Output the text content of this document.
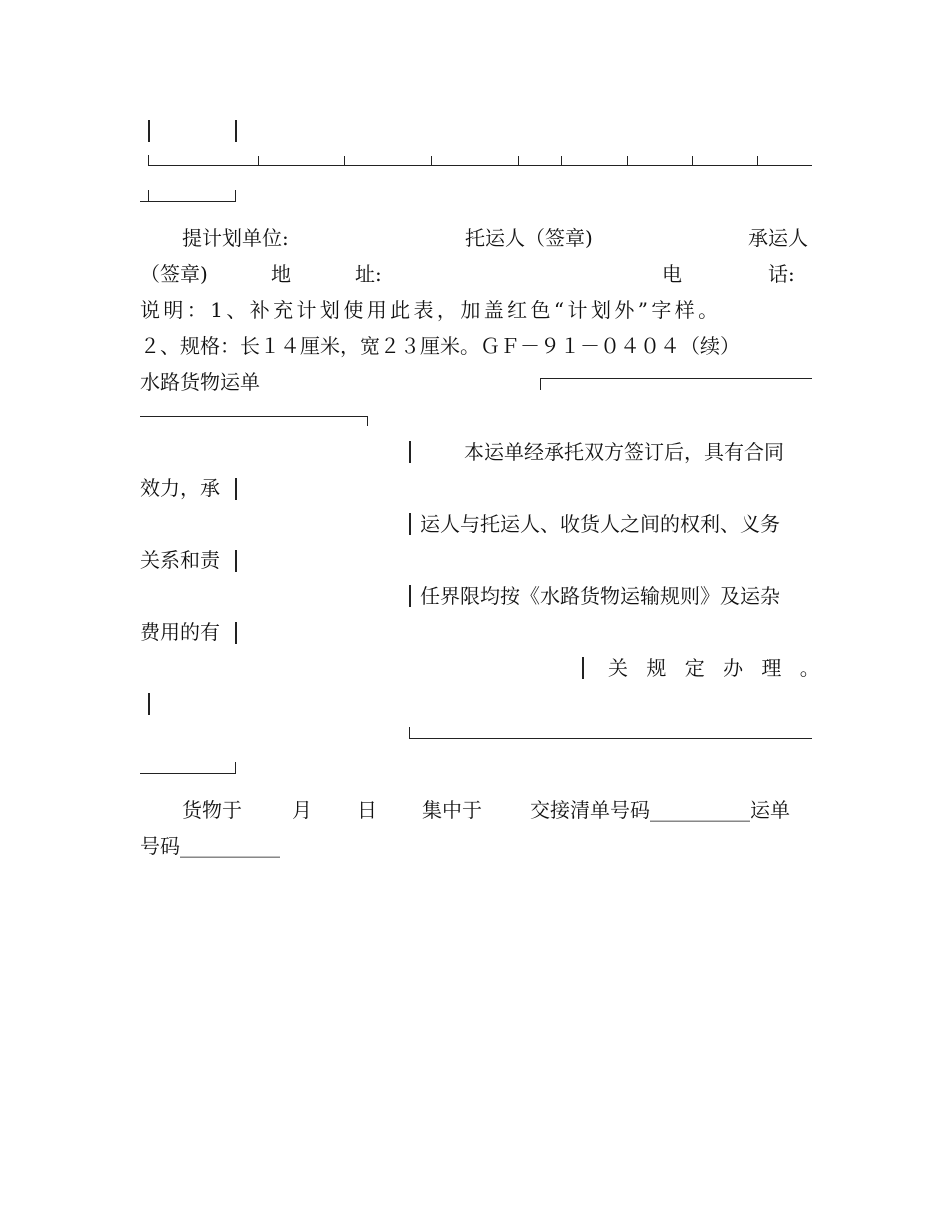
提计划单位:	托运人（签章)	承运人
（签章)	地	址:	电	话:
说明：1、补充计划使用此表，加盖红色“计划外”字样。
２、规格：长１４厘米，宽２３厘米。ＧＦ－９１－０４０４（续）
水路货物运单
本运单经承托双方签订后，具有合同
效力，承
运人与托运人、收货人之间的权利、义务
关系和责
任界限均按《水路货物运输规则》及运杂
费用的有
关 规 定 办 理 。
货物于	月 日 集中于 交接清单号码__________运单
号码__________
